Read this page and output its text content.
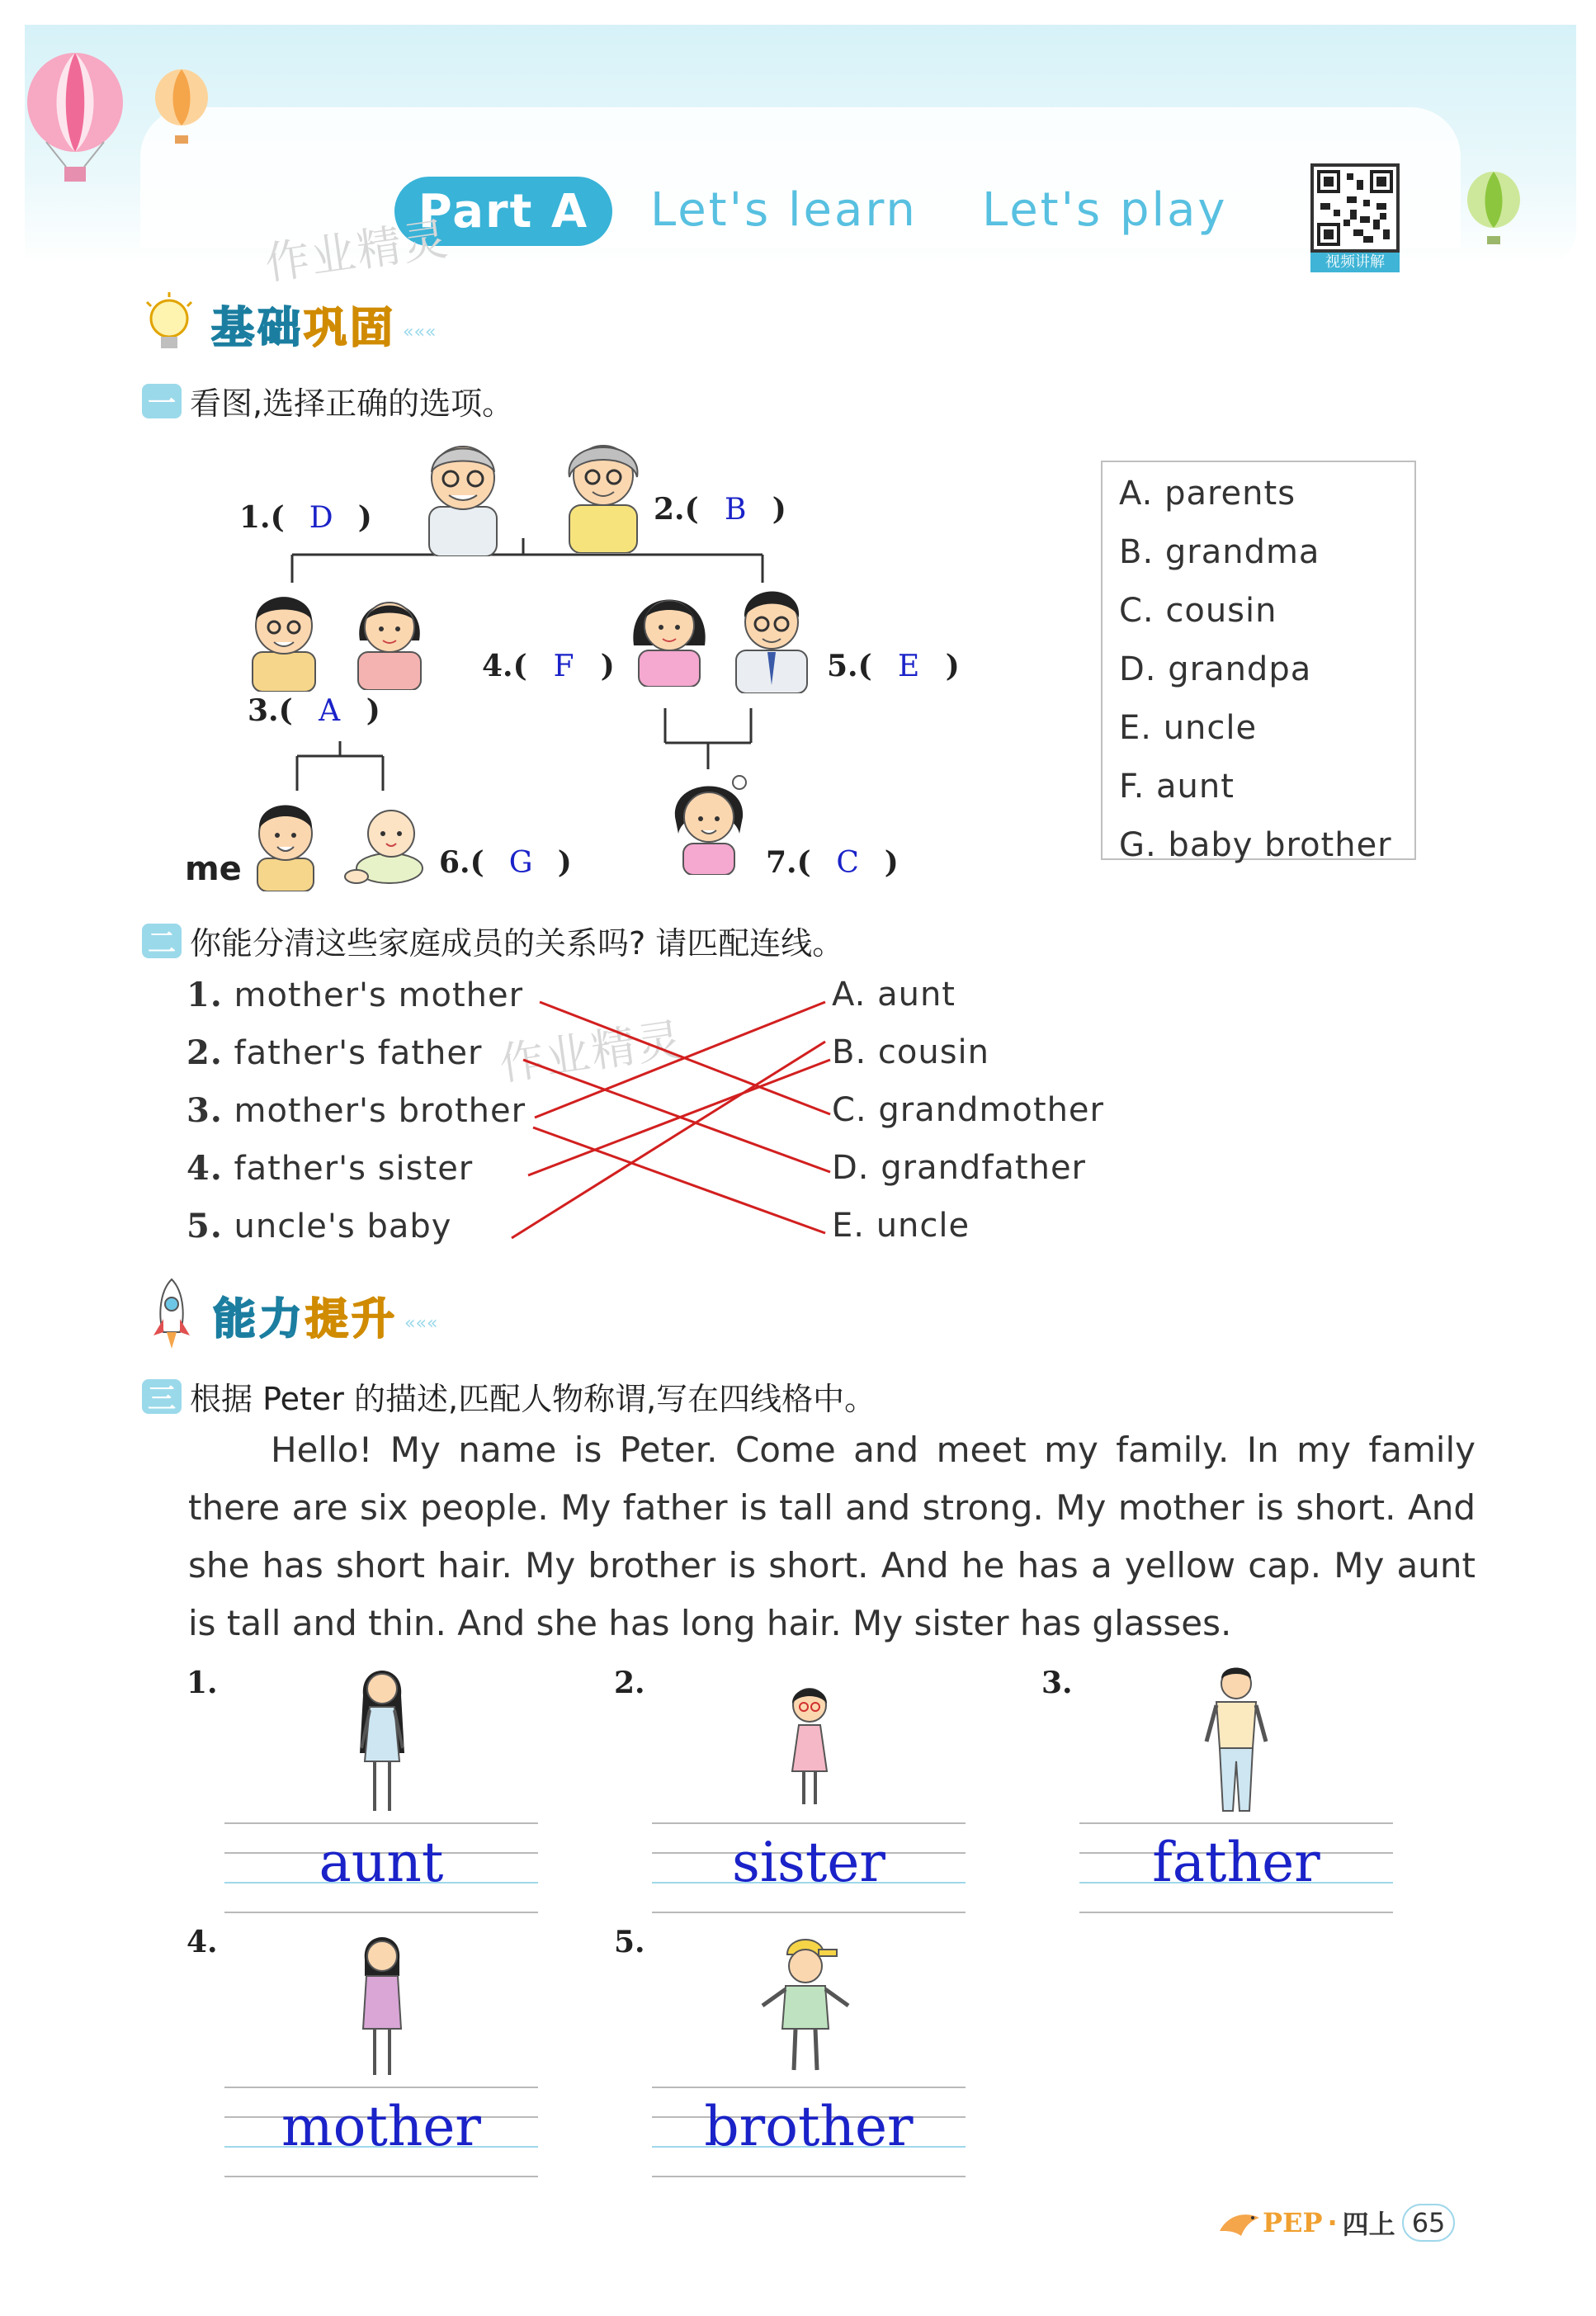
Part A	Let's learn Let's play
视频讲解
作业精灵
基础巩固 «««
一 看图,选择正确的选项。
1.( D )	2.( B )
3.( A )
4.( F )	5.( E )
6.( G )	7.( C )
me
A. parents
B. grandma
C. cousin
D. grandpa
E. uncle
F. aunt
G. baby brother
二 你能分清这些家庭成员的关系吗? 请匹配连线。
1. mother's mother
2. father's father
3. mother's brother
4. father's sister
5. uncle's baby
A. aunt
B. cousin
C. grandmother
D. grandfather
E. uncle
作业精灵
能力提升 «««
三 根据 Peter 的描述,匹配人物称谓,写在四线格中。

Hello! My name is Peter. Come and meet my family. In my family there are six people. My father is tall and strong. My mother is short. And she has short hair. My brother is short. And he has a yellow cap. My aunt is tall and thin. And she has long hair. My sister has glasses.

1.	2.	3.
4.	5.
aunt	sister	father
mother	brother
PEP · 四上 65
